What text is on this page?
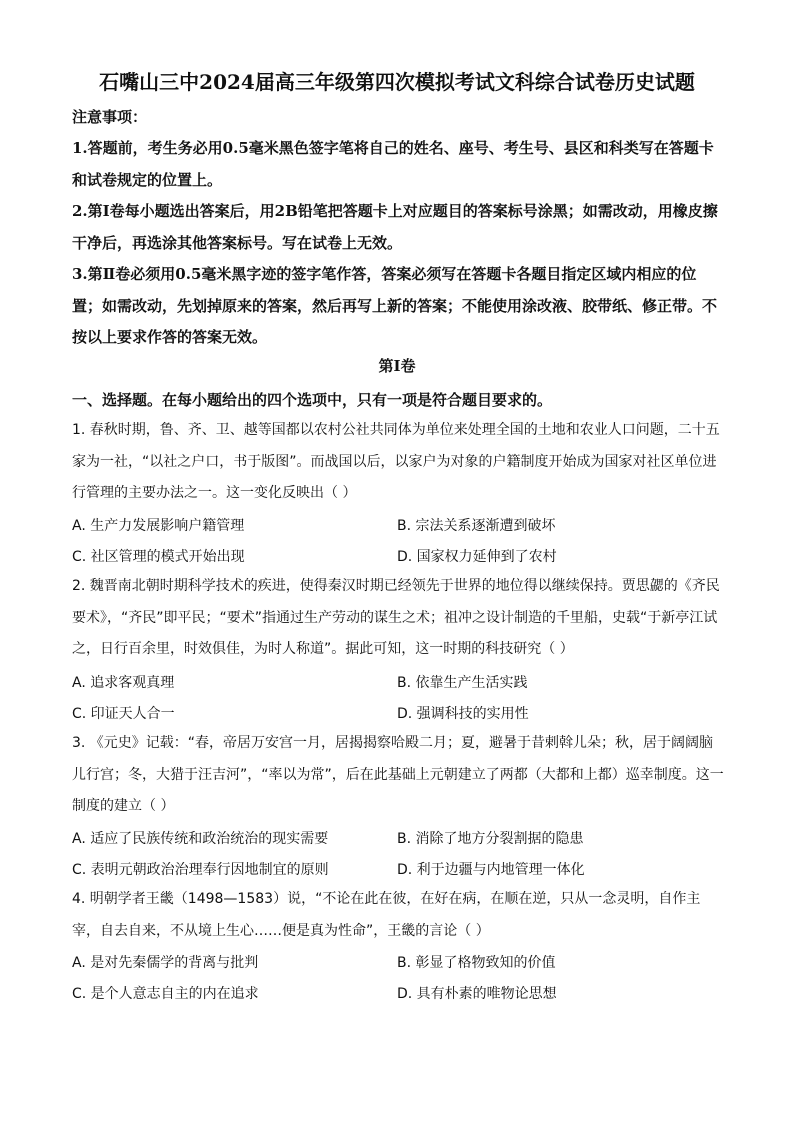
石嘴山三中2024届高三年级第四次模拟考试文科综合试卷历史试题
注意事项：
1.答题前，考生务必用0.5毫米黑色签字笔将自己的姓名、座号、考生号、县区和科类写在答题卡和试卷规定的位置上。
2.第Ⅰ卷每小题选出答案后，用2B铅笔把答题卡上对应题目的答案标号涂黑；如需改动，用橡皮擦干净后，再选涂其他答案标号。写在试卷上无效。
3.第Ⅱ卷必须用0.5毫米黑字迹的签字笔作答，答案必须写在答题卡各题目指定区域内相应的位置；如需改动，先划掉原来的答案，然后再写上新的答案；不能使用涂改液、胶带纸、修正带。不按以上要求作答的答案无效。
第Ⅰ卷
一、选择题。在每小题给出的四个选项中，只有一项是符合题目要求的。
1. 春秋时期，鲁、齐、卫、越等国都以农村公社共同体为单位来处理全国的土地和农业人口问题，二十五家为一社，“以社之户口，书于版图”。而战国以后，以家户为对象的户籍制度开始成为国家对社区单位进行管理的主要办法之一。这一变化反映出（ ）
A. 生产力发展影响户籍管理	B. 宗法关系逐渐遭到破坏
C. 社区管理的模式开始出现	D. 国家权力延伸到了农村
2. 魏晋南北朝时期科学技术的疾进，使得秦汉时期已经领先于世界的地位得以继续保持。贾思勰的《齐民要术》，“齐民”即平民；“要术”指通过生产劳动的谋生之术；祖冲之设计制造的千里船，史载“于新亭江试之，日行百余里，时效俱佳，为时人称道”。据此可知，这一时期的科技研究（ ）
A. 追求客观真理	B. 依靠生产生活实践
C. 印证天人合一	D. 强调科技的实用性
3. 《元史》记载：“春，帝居万安宫一月，居揭揭察哈殿二月；夏，避暑于昔剌斡儿朵；秋，居于阔阔脑儿行宫；冬，大猎于汪吉河”，“率以为常”，后在此基础上元朝建立了两都（大都和上都）巡幸制度。这一制度的建立（ ）
A. 适应了民族传统和政治统治的现实需要	B. 消除了地方分裂割据的隐患
C. 表明元朝政治治理奉行因地制宜的原则	D. 利于边疆与内地管理一体化
4. 明朝学者王畿（1498—1583）说，“不论在此在彼，在好在病，在顺在逆，只从一念灵明，自作主宰，自去自来，不从境上生心……便是真为性命”，王畿的言论（ ）
A. 是对先秦儒学的背离与批判	B. 彰显了格物致知的价值
C. 是个人意志自主的内在追求	D. 具有朴素的唯物论思想
